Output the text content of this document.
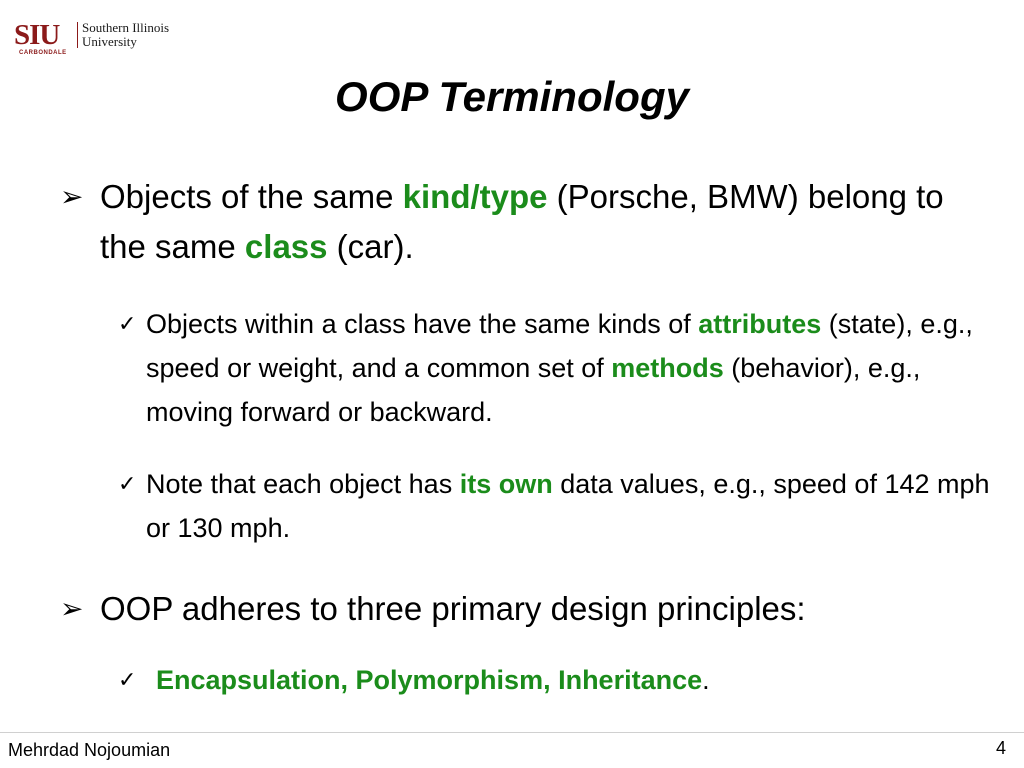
SIU
CARBONDALE
Southern Illinois
University
OOP Terminology
➢ Objects of the same kind/type (Porsche, BMW) belong to the same class (car).
✓ Objects within a class have the same kinds of attributes (state), e.g., speed or weight, and a common set of methods (behavior), e.g., moving forward or backward.
✓ Note that each object has its own data values, e.g., speed of 142 mph or 130 mph.
➢ OOP adheres to three primary design principles:
✓ Encapsulation, Polymorphism, Inheritance.
Mehrdad Nojoumian	4
